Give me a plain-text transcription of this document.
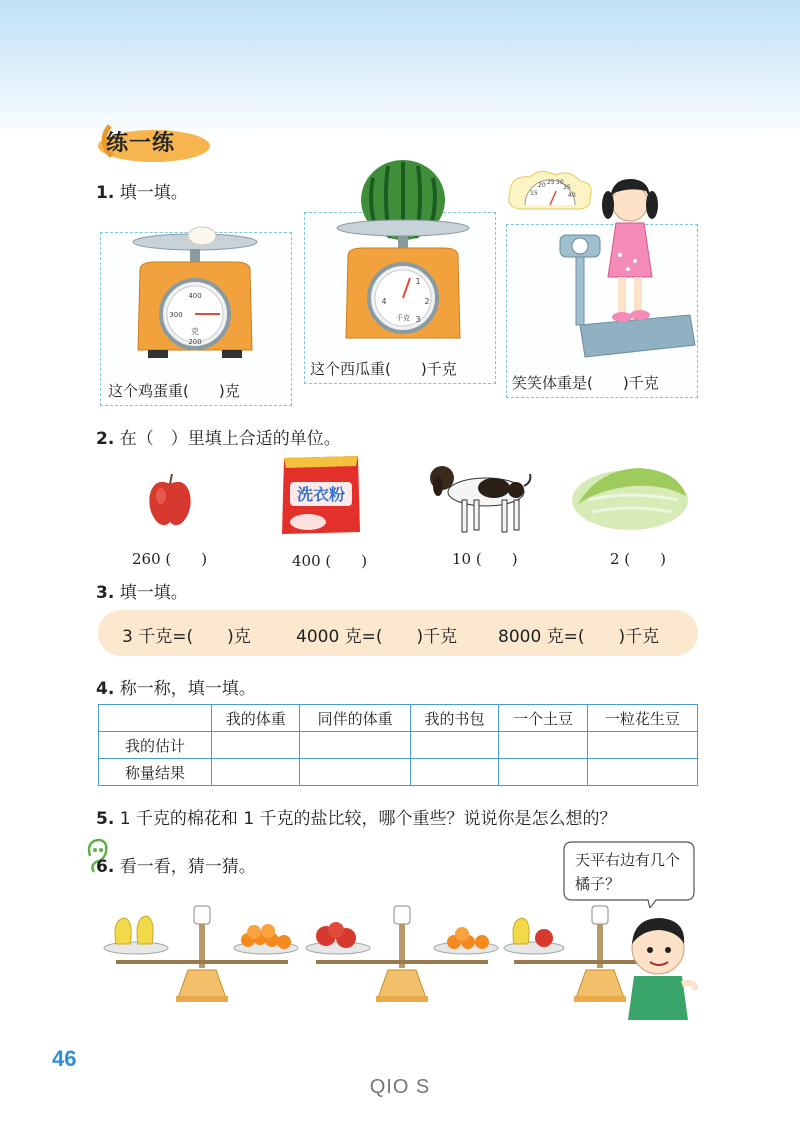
练一练
1. 填一填。
400
300
200
克
这个鸡蛋重(　　)克
1
2
3
4
千克
这个西瓜重(　　)千克
15
20 25 30
35
40
笑笑体重是(　　)千克
2. 在（　）里填上合适的单位。
洗衣粉
260 (　　)	400 (　　)	10 (　　)	2 (　　)
3. 填一填。
3 千克=(　　)克	4000 克=(　　)千克 8000 克=(　　)千克
4. 称一称，填一填。
	我的体重	同伴的体重	我的书包	一个土豆	一粒花生豆
我的估计					
称量结果					
5. 1 千克的棉花和 1 千克的盐比较，哪个重些？说说你是怎么想的？
6. 看一看，猜一猜。	天平右边有几个橘子？
46
QIO S
